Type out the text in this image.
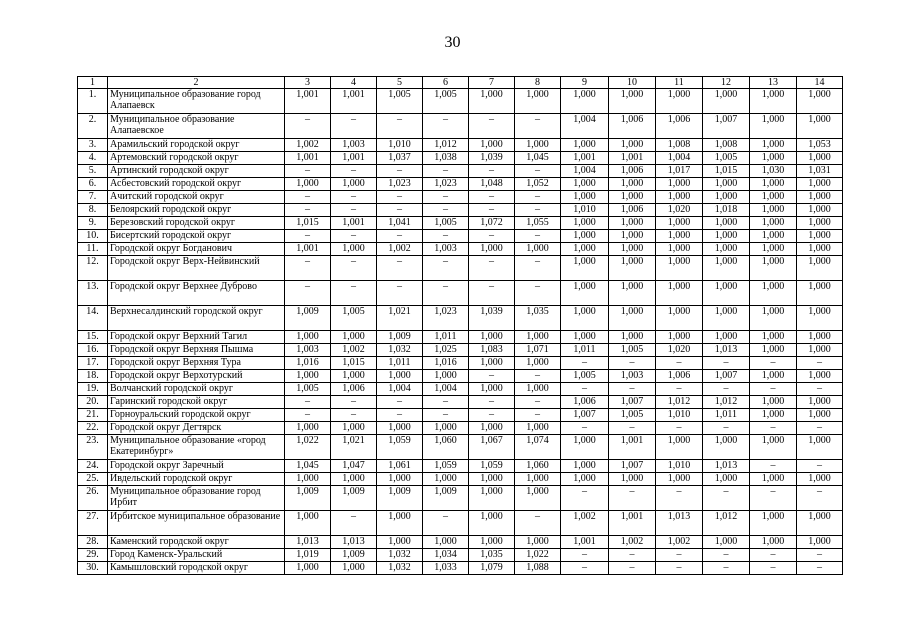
30
1	2	3	4	5	6	7	8	9	10	11	12	13	14
1.	Муниципальное образование город Алапаевск	1,001	1,001	1,005	1,005	1,000	1,000	1,000	1,000	1,000	1,000	1,000	1,000
2.	Муниципальное образование Алапаевское	–	–	–	–	–	–	1,004	1,006	1,006	1,007	1,000	1,000
3.	Арамильский городской округ	1,002	1,003	1,010	1,012	1,000	1,000	1,000	1,000	1,008	1,008	1,000	1,053
4.	Артемовский городской округ	1,001	1,001	1,037	1,038	1,039	1,045	1,001	1,001	1,004	1,005	1,000	1,000
5.	Артинский городской округ	–	–	–	–	–	–	1,004	1,006	1,017	1,015	1,030	1,031
6.	Асбестовский городской округ	1,000	1,000	1,023	1,023	1,048	1,052	1,000	1,000	1,000	1,000	1,000	1,000
7.	Ачитский городской округ	–	–	–	–	–	–	1,000	1,000	1,000	1,000	1,000	1,000
8.	Белоярский городской округ	–	–	–	–	–	–	1,010	1,006	1,020	1,018	1,000	1,000
9.	Березовский городской округ	1,015	1,001	1,041	1,005	1,072	1,055	1,000	1,000	1,000	1,000	1,000	1,000
10.	Бисертский городской округ	–	–	–	–	–	–	1,000	1,000	1,000	1,000	1,000	1,000
11.	Городской округ Богданович	1,001	1,000	1,002	1,003	1,000	1,000	1,000	1,000	1,000	1,000	1,000	1,000
12.	Городской округ Верх-Нейвинский	–	–	–	–	–	–	1,000	1,000	1,000	1,000	1,000	1,000
13.	Городской округ Верхнее Дуброво	–	–	–	–	–	–	1,000	1,000	1,000	1,000	1,000	1,000
14.	Верхнесалдинский городской округ	1,009	1,005	1,021	1,023	1,039	1,035	1,000	1,000	1,000	1,000	1,000	1,000
15.	Городской округ Верхний Тагил	1,000	1,000	1,009	1,011	1,000	1,000	1,000	1,000	1,000	1,000	1,000	1,000
16.	Городской округ Верхняя Пышма	1,003	1,002	1,032	1,025	1,083	1,071	1,011	1,005	1,020	1,013	1,000	1,000
17.	Городской округ Верхняя Тура	1,016	1,015	1,011	1,016	1,000	1,000	–	–	–	–	–	–
18.	Городской округ Верхотурский	1,000	1,000	1,000	1,000	–	–	1,005	1,003	1,006	1,007	1,000	1,000
19.	Волчанский городской округ	1,005	1,006	1,004	1,004	1,000	1,000	–	–	–	–	–	–
20.	Гаринский городской округ	–	–	–	–	–	–	1,006	1,007	1,012	1,012	1,000	1,000
21.	Горноуральский городской округ	–	–	–	–	–	–	1,007	1,005	1,010	1,011	1,000	1,000
22.	Городской округ Дегтярск	1,000	1,000	1,000	1,000	1,000	1,000	–	–	–	–	–	–
23.	Муниципальное образование «город Екатеринбург»	1,022	1,021	1,059	1,060	1,067	1,074	1,000	1,001	1,000	1,000	1,000	1,000
24.	Городской округ Заречный	1,045	1,047	1,061	1,059	1,059	1,060	1,000	1,007	1,010	1,013	–	–
25.	Ивдельский городской округ	1,000	1,000	1,000	1,000	1,000	1,000	1,000	1,000	1,000	1,000	1,000	1,000
26.	Муниципальное образование город Ирбит	1,009	1,009	1,009	1,009	1,000	1,000	–	–	–	–	–	–
27.	Ирбитское муниципальное образование	1,000	–	1,000	–	1,000	–	1,002	1,001	1,013	1,012	1,000	1,000
28.	Каменский городской округ	1,013	1,013	1,000	1,000	1,000	1,000	1,001	1,002	1,002	1,000	1,000	1,000
29.	Город Каменск-Уральский	1,019	1,009	1,032	1,034	1,035	1,022	–	–	–	–	–	–
30.	Камышловский городской округ	1,000	1,000	1,032	1,033	1,079	1,088	–	–	–	–	–	–
